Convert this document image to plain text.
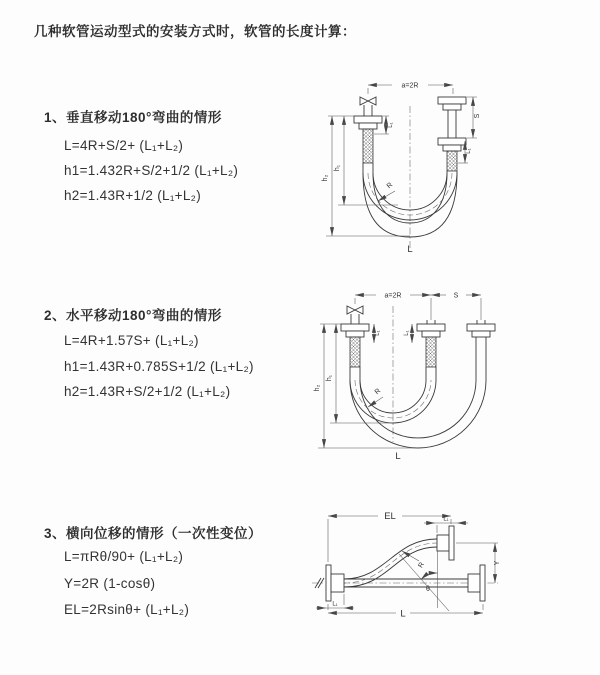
几种软管运动型式的安装方式时，软管的长度计算：
1、垂直移动180°弯曲的情形
L=4R+S/2+ (L₁+L₂)
h1=1.432R+S/2+1/2 (L₁+L₂)
h2=1.43R+1/2 (L₁+L₂)
a=2R
h₂
h₁
L₁
S
L₁
R
L
2、水平移动180°弯曲的情形
L=4R+1.57S+ (L₁+L₂)
h1=1.43R+0.785S+1/2 (L₁+L₂)
h2=1.43R+S/2+1/2 (L₁+L₂)
a=2R	S
h₂
h₁
L₁	L₁
R
L
3、横向位移的情形（一次性变位）
L=πRθ/90+ (L₁+L₂)
Y=2R (1-cosθ)
EL=2Rsinθ+ (L₁+L₂)
EL	L₁
Y
L
L₁
θ
R
